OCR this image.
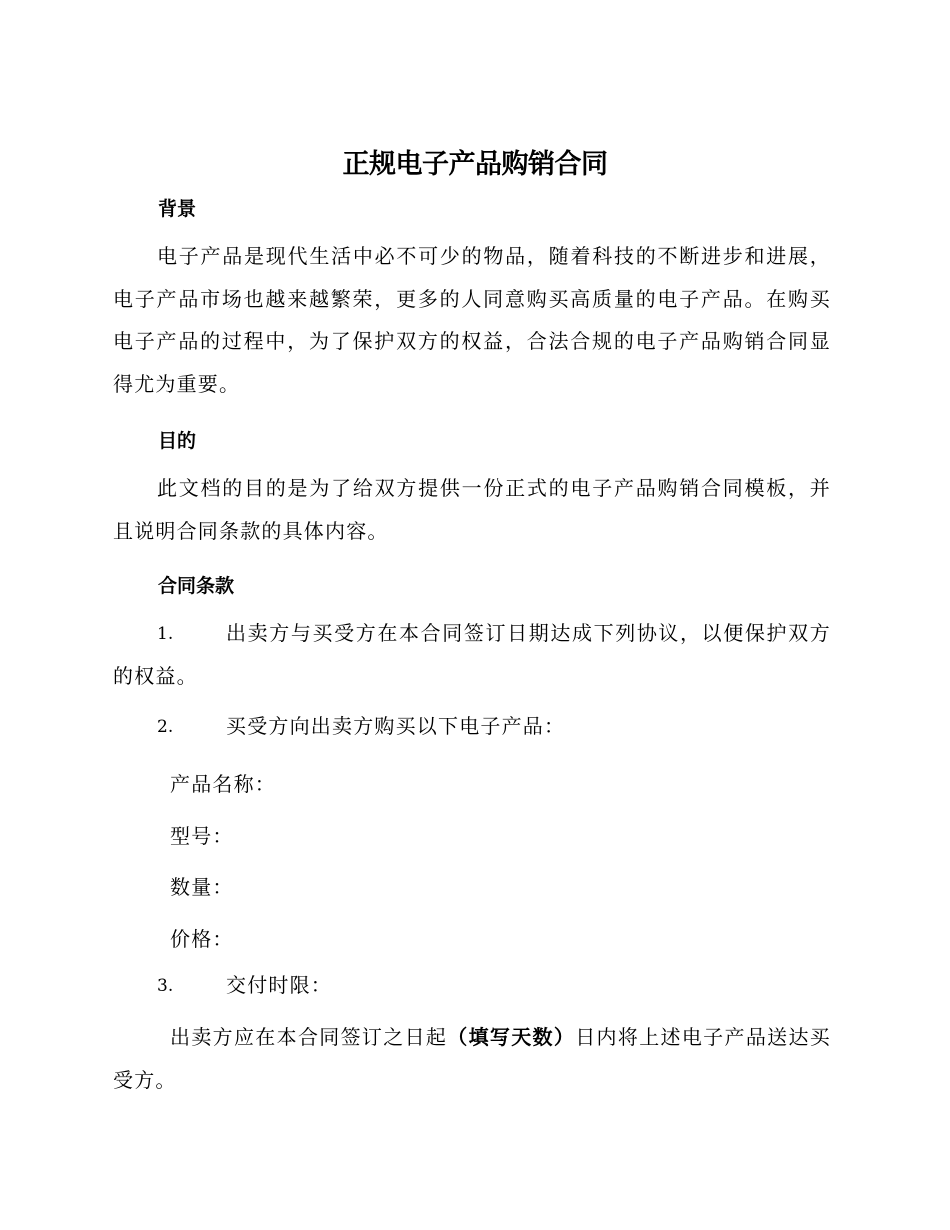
正规电子产品购销合同
背景
电子产品是现代生活中必不可少的物品，随着科技的不断进步和进展，电子产品市场也越来越繁荣，更多的人同意购买高质量的电子产品。在购买电子产品的过程中，为了保护双方的权益，合法合规的电子产品购销合同显得尤为重要。
目的
此文档的目的是为了给双方提供一份正式的电子产品购销合同模板，并且说明合同条款的具体内容。
合同条款
1.	出卖方与买受方在本合同签订日期达成下列协议，以便保护双方的权益。
2.	买受方向出卖方购买以下电子产品：
产品名称：
型号：
数量：
价格：
3.	交付时限：
出卖方应在本合同签订之日起（填写天数）日内将上述电子产品送达买受方。
